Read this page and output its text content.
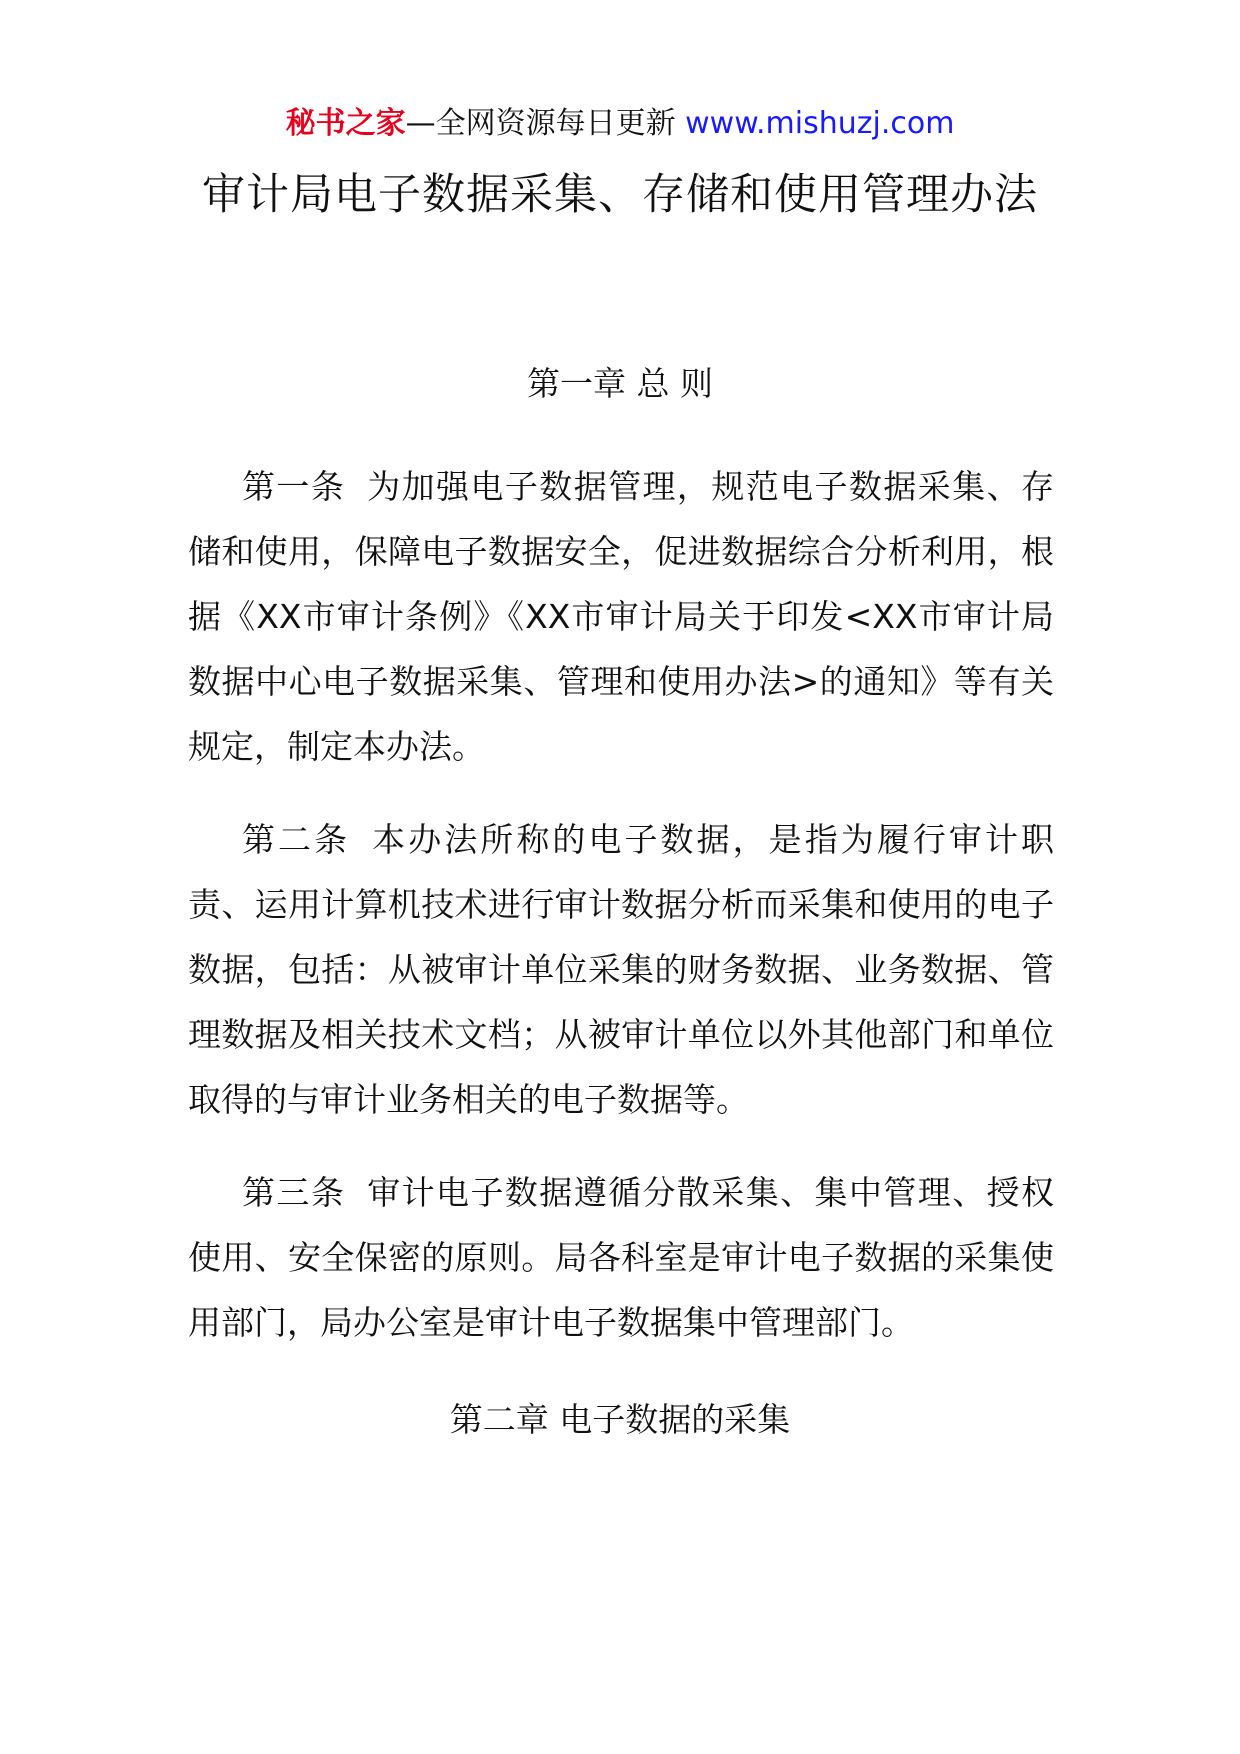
秘书之家—全网资源每日更新 www.mishuzj.com
审计局电子数据采集、存储和使用管理办法
第一章 总 则

第一条 为加强电子数据管理，规范电子数据采集、存储和使用，保障电子数据安全，促进数据综合分析利用，根据《XX市审计条例》《XX市审计局关于印发<XX市审计局数据中心电子数据采集、管理和使用办法>的通知》等有关规定，制定本办法。

第二条 本办法所称的电子数据，是指为履行审计职责、运用计算机技术进行审计数据分析而采集和使用的电子数据，包括：从被审计单位采集的财务数据、业务数据、管理数据及相关技术文档；从被审计单位以外其他部门和单位取得的与审计业务相关的电子数据等。

第三条 审计电子数据遵循分散采集、集中管理、授权使用、安全保密的原则。局各科室是审计电子数据的采集使用部门，局办公室是审计电子数据集中管理部门。

第二章 电子数据的采集
